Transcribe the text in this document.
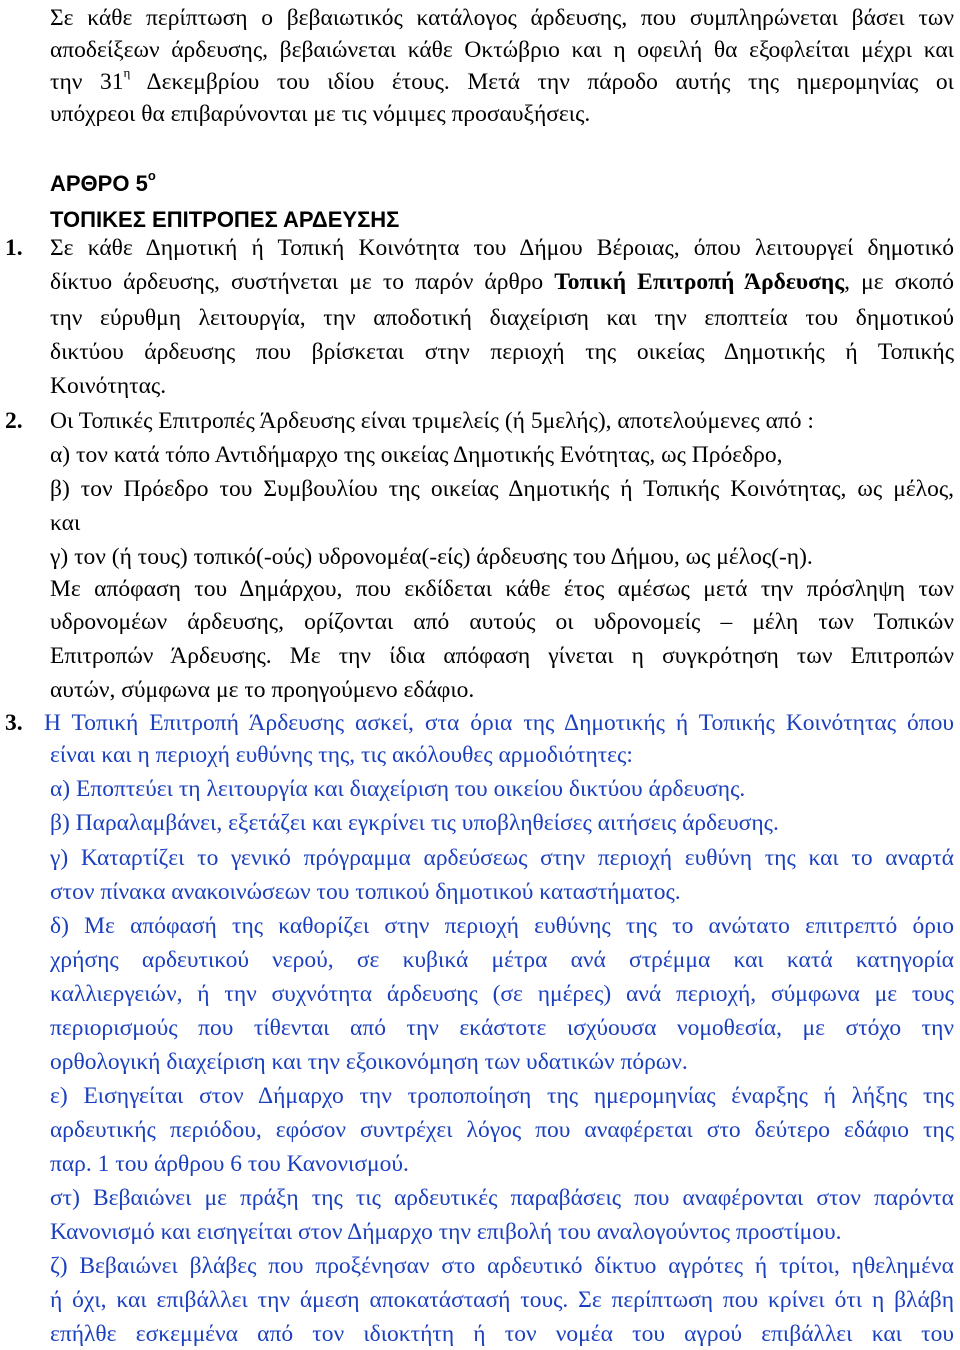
Σε κάθε περίπτωση ο βεβαιωτικός κατάλογος άρδευσης, που συμπληρώνεται βάσει των
αποδείξεων άρδευσης, βεβαιώνεται κάθε Οκτώβριο και η οφειλή θα εξοφλείται μέχρι και
την $31^\eta$ Δεκεμβρίου του ιδίου έτους. Μετά την πάροδο αυτής της ημερομηνίας οι
υπόχρεοι θα επιβαρύνονται με τις νόμιμες προσαυξήσεις.
ΑΡΘΡΟ $5^o$
ΤΟΠΙΚΕΣ ΕΠΙΤΡΟΠΕΣ ΑΡΔΕΥΣΗΣ
1. Σε κάθε Δημοτική ή Τοπική Κοινότητα του Δήμου Βέροιας, όπου λειτουργεί δημοτικό
δίκτυο άρδευσης, συστήνεται με το παρόν άρθρο Τοπική Επιτροπή Άρδευσης, με σκοπό
την εύρυθμη λειτουργία, την αποδοτική διαχείριση και την εποπτεία του δημοτικού
δικτύου άρδευσης που βρίσκεται στην περιοχή της οικείας Δημοτικής ή Τοπικής
Κοινότητας.
2. Οι Τοπικές Επιτροπές Άρδευσης είναι τριμελείς (ή 5μελής), αποτελούμενες από :
α) τον κατά τόπο Αντιδήμαρχο της οικείας Δημοτικής Ενότητας, ως Πρόεδρο,
β) τον Πρόεδρο του Συμβουλίου της οικείας Δημοτικής ή Τοπικής Κοινότητας, ως μέλος,
και
γ) τον (ή τους) τοπικό(-ούς) υδρονομέα(-είς) άρδευσης του Δήμου, ως μέλος(-η).
Με απόφαση του Δημάρχου, που εκδίδεται κάθε έτος αμέσως μετά την πρόσληψη των
υδρονομέων άρδευσης, ορίζονται από αυτούς οι υδρονομείς – μέλη των Τοπικών
Επιτροπών Άρδευσης. Με την ίδια απόφαση γίνεται η συγκρότηση των Επιτροπών
αυτών, σύμφωνα με το προηγούμενο εδάφιο.
3. Η Τοπική Επιτροπή Άρδευσης ασκεί, στα όρια της Δημοτικής ή Τοπικής Κοινότητας όπου
είναι και η περιοχή ευθύνης της, τις ακόλουθες αρμοδιότητες:
α) Εποπτεύει τη λειτουργία και διαχείριση του οικείου δικτύου άρδευσης.
β) Παραλαμβάνει, εξετάζει και εγκρίνει τις υποβληθείσες αιτήσεις άρδευσης.
γ) Καταρτίζει το γενικό πρόγραμμα αρδεύσεως στην περιοχή ευθύνη της και το αναρτά
στον πίνακα ανακοινώσεων του τοπικού δημοτικού καταστήματος.
δ) Με απόφασή της καθορίζει στην περιοχή ευθύνης της το ανώτατο επιτρεπτό όριο
χρήσης αρδευτικού νερού, σε κυβικά μέτρα ανά στρέμμα και κατά κατηγορία
καλλιεργειών, ή την συχνότητα άρδευσης (σε ημέρες) ανά περιοχή, σύμφωνα με τους
περιορισμούς που τίθενται από την εκάστοτε ισχύουσα νομοθεσία, με στόχο την
ορθολογική διαχείριση και την εξοικονόμηση των υδατικών πόρων.
ε) Εισηγείται στον Δήμαρχο την τροποποίηση της ημερομηνίας έναρξης ή λήξης της
αρδευτικής περιόδου, εφόσον συντρέχει λόγος που αναφέρεται στο δεύτερο εδάφιο της
παρ. 1 του άρθρου 6 του Κανονισμού.
στ) Βεβαιώνει με πράξη της τις αρδευτικές παραβάσεις που αναφέρονται στον παρόντα
Κανονισμό και εισηγείται στον Δήμαρχο την επιβολή του αναλογούντος προστίμου.
ζ) Βεβαιώνει βλάβες που προξένησαν στο αρδευτικό δίκτυο αγρότες ή τρίτοι, ηθελημένα
ή όχι, και επιβάλλει την άμεση αποκατάστασή τους. Σε περίπτωση που κρίνει ότι η βλάβη
επήλθε εσκεμμένα από τον ιδιοκτήτη ή τον νομέα του αγρού επιβάλλει και του
